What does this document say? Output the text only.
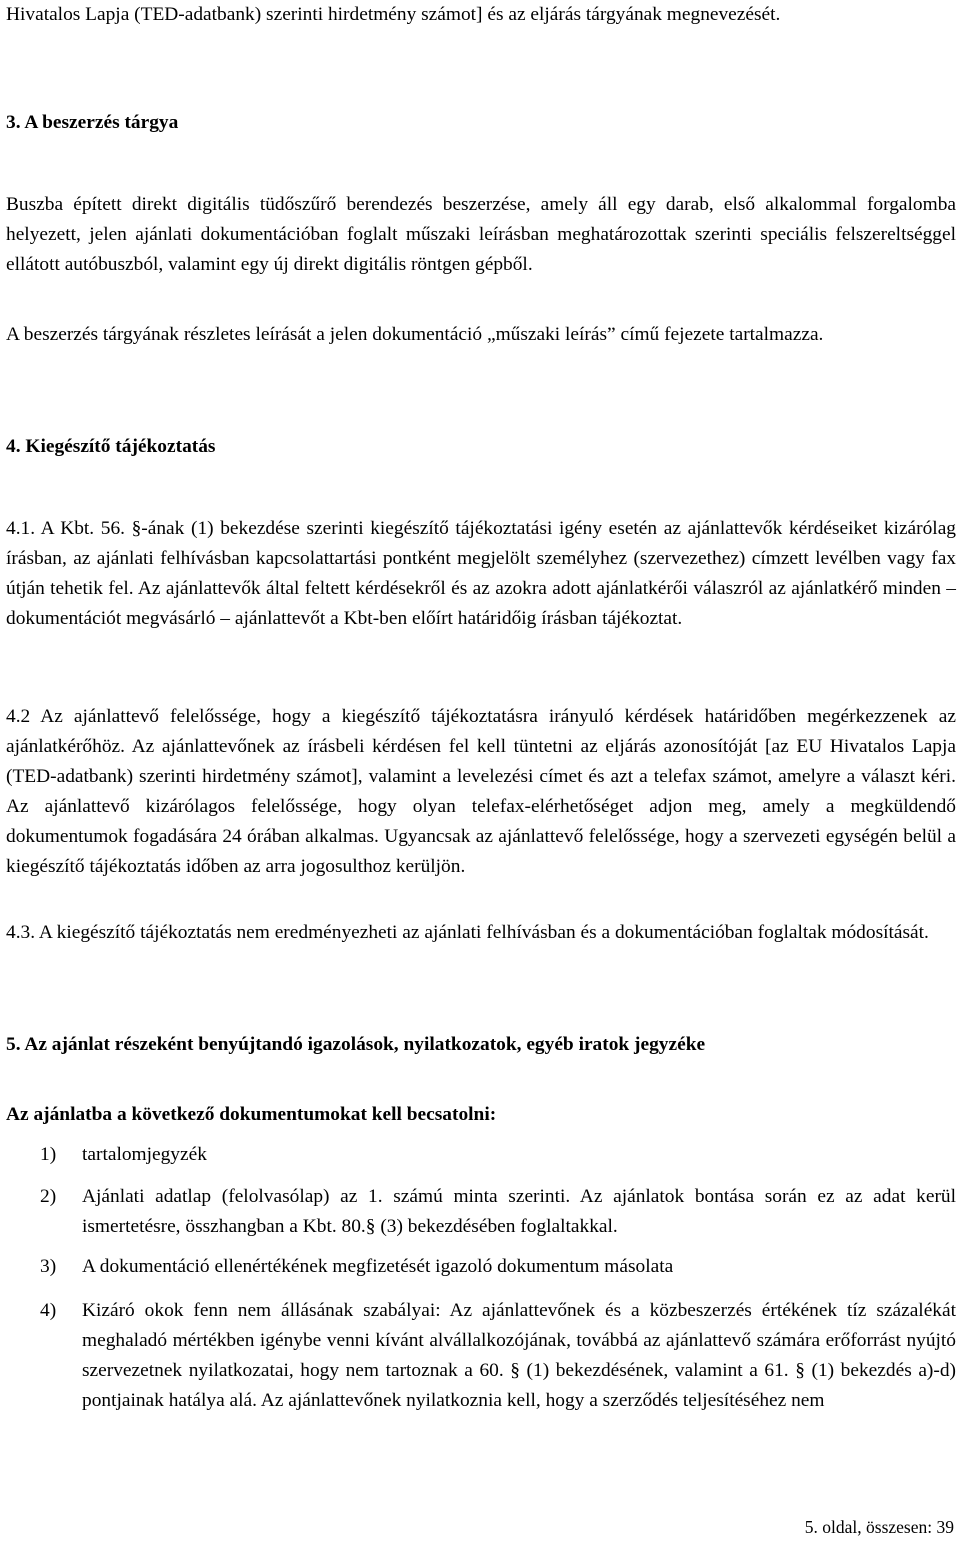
Hivatalos Lapja (TED-adatbank) szerinti hirdetmény számot] és az eljárás tárgyának megnevezését.

3. A beszerzés tárgya

Buszba épített direkt digitális tüdőszűrő berendezés beszerzése, amely áll egy darab, első alkalommal forgalomba helyezett, jelen ajánlati dokumentációban foglalt műszaki leírásban meghatározottak szerinti speciális felszereltséggel ellátott autóbuszból, valamint egy új direkt digitális röntgen gépből.

A beszerzés tárgyának részletes leírását a jelen dokumentáció „műszaki leírás” című fejezete tartalmazza.

4. Kiegészítő tájékoztatás

4.1. A Kbt. 56. §-ának (1) bekezdése szerinti kiegészítő tájékoztatási igény esetén az ajánlattevők kérdéseiket kizárólag írásban, az ajánlati felhívásban kapcsolattartási pontként megjelölt személyhez (szervezethez) címzett levélben vagy fax útján tehetik fel. Az ajánlattevők által feltett kérdésekről és az azokra adott ajánlatkérői válaszról az ajánlatkérő minden – dokumentációt megvásárló – ajánlattevőt a Kbt-ben előírt határidőig írásban tájékoztat.

4.2 Az ajánlattevő felelőssége, hogy a kiegészítő tájékoztatásra irányuló kérdések határidőben megérkezzenek az ajánlatkérőhöz. Az ajánlattevőnek az írásbeli kérdésen fel kell tüntetni az eljárás azonosítóját [az EU Hivatalos Lapja (TED-adatbank) szerinti hirdetmény számot], valamint a levelezési címet és azt a telefax számot, amelyre a választ kéri. Az ajánlattevő kizárólagos felelőssége, hogy olyan telefax-elérhetőséget adjon meg, amely a megküldendő dokumentumok fogadására 24 órában alkalmas. Ugyancsak az ajánlattevő felelőssége, hogy a szervezeti egységén belül a kiegészítő tájékoztatás időben az arra jogosulthoz kerüljön.

4.3. A kiegészítő tájékoztatás nem eredményezheti az ajánlati felhívásban és a dokumentációban foglaltak módosítását.

5. Az ajánlat részeként benyújtandó igazolások, nyilatkozatok, egyéb iratok jegyzéke

Az ajánlatba a következő dokumentumokat kell becsatolni:

1)	tartalomjegyzék
2)	Ajánlati adatlap (felolvasólap) az 1. számú minta szerinti. Az ajánlatok bontása során ez az adat kerül ismertetésre, összhangban a Kbt. 80.§ (3) bekezdésében foglaltakkal.
3)	A dokumentáció ellenértékének megfizetését igazoló dokumentum másolata
4)	Kizáró okok fenn nem állásának szabályai: Az ajánlattevőnek és a közbeszerzés értékének tíz százalékát meghaladó mértékben igénybe venni kívánt alvállalkozójának, továbbá az ajánlattevő számára erőforrást nyújtó szervezetnek nyilatkozatai, hogy nem tartoznak a 60. § (1) bekezdésének, valamint a 61. § (1) bekezdés a)-d) pontjainak hatálya alá. Az ajánlattevőnek nyilatkoznia kell, hogy a szerződés teljesítéséhez nem
5. oldal, összesen: 39
